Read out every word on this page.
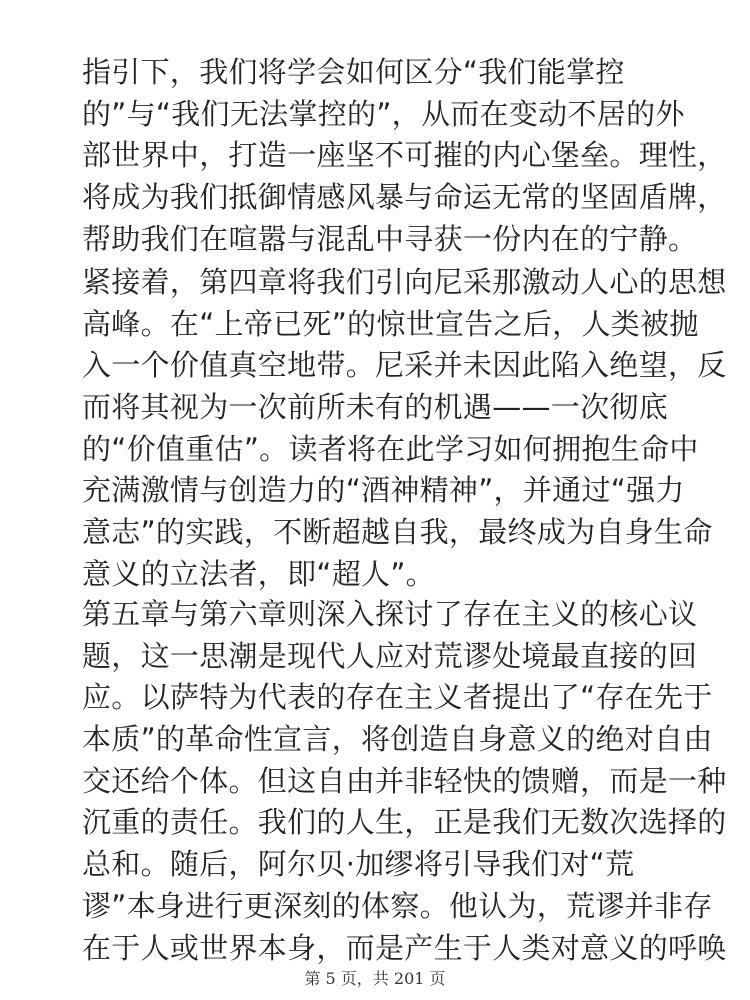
指引下，我们将学会如何区分“我们能掌控
的”与“我们无法掌控的”，从而在变动不居的外
部世界中，打造一座坚不可摧的内心堡垒。理性，
将成为我们抵御情感风暴与命运无常的坚固盾牌，
帮助我们在喧嚣与混乱中寻获一份内在的宁静。
紧接着，第四章将我们引向尼采那激动人心的思想
高峰。在“上帝已死”的惊世宣告之后，人类被抛
入一个价值真空地带。尼采并未因此陷入绝望，反
而将其视为一次前所未有的机遇——一次彻底
的“价值重估”。读者将在此学习如何拥抱生命中
充满激情与创造力的“酒神精神”，并通过“强力
意志”的实践，不断超越自我，最终成为自身生命
意义的立法者，即“超人”。
第五章与第六章则深入探讨了存在主义的核心议
题，这一思潮是现代人应对荒谬处境最直接的回
应。以萨特为代表的存在主义者提出了“存在先于
本质”的革命性宣言，将创造自身意义的绝对自由
交还给个体。但这自由并非轻快的馈赠，而是一种
沉重的责任。我们的人生，正是我们无数次选择的
总和。随后，阿尔贝·加缪将引导我们对“荒
谬”本身进行更深刻的体察。他认为，荒谬并非存
在于人或世界本身，而是产生于人类对意义的呼唤
第 5 页，共 201 页
